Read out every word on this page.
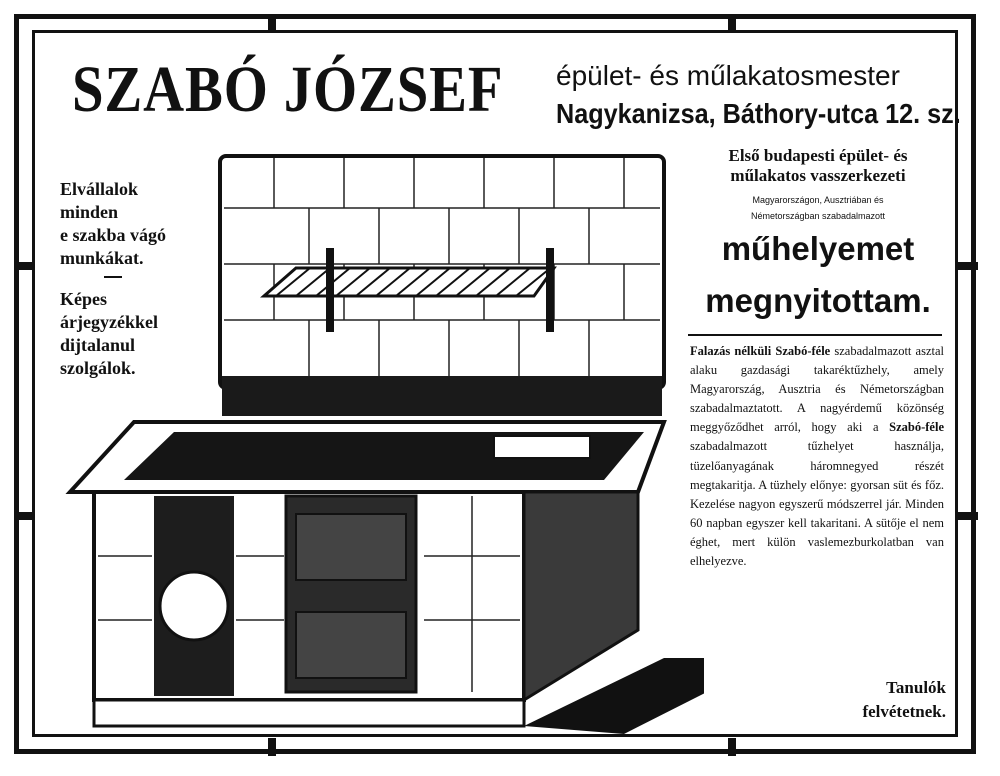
SZABÓ JÓZSEF épület- és műlakatosmester
Nagykanizsa, Báthory-utca 12. sz.
Elvállalok
minden
e szakba vágó
munkákat.
Képes
árjegyzékkel
dijtalanul
szolgálok.
Első budapesti épület- és
műlakatos vasszerkezeti
Magyarországon, Ausztriában és
Németországban szabadalmazott
műhelyemet
megnyitottam.
Falazás nélküli Szabó-féle szabadalmazott asztal alaku gazdasági takaréktűzhely, amely Magyarország, Ausztria és Németországban szabadalmaztatott. A nagyérdemű közönség meggyőződhet arról, hogy aki a Szabó-féle szabadalmazott tűzhelyet használja, tüzelőanyagának háromnegyed részét megtakaritja. A tüzhely előnye: gyorsan süt és főz. Kezelése nagyon egyszerű módszerrel jár. Minden 60 napban egyszer kell takaritani. A sütője el nem éghet, mert külön vaslemezburkolatban van elhelyezve.
Tanulók
felvétetnek.
